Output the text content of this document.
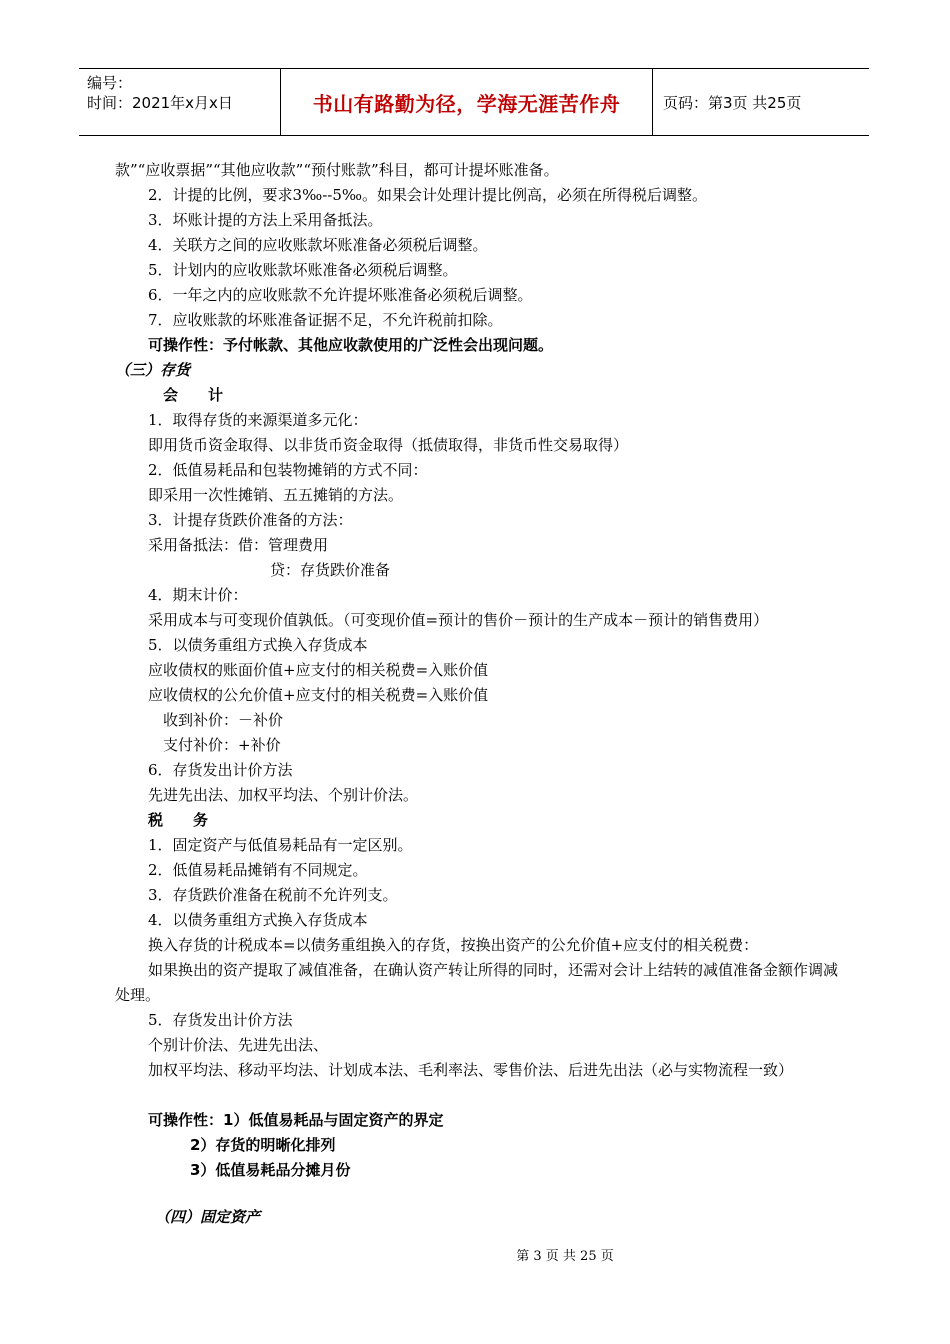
编号：
时间：2021年x月x日	书山有路勤为径，学海无涯苦作舟	页码：第3页 共25页
款”“应收票据”“其他应收款”“预付账款”科目，都可计提坏账准备。
2．计提的比例，要求3‰--5‰。如果会计处理计提比例高，必须在所得税后调整。
3．坏账计提的方法上采用备抵法。
4．关联方之间的应收账款坏账准备必须税后调整。
5．计划内的应收账款坏账准备必须税后调整。
6．一年之内的应收账款不允许提坏账准备必须税后调整。
7．应收账款的坏账准备证据不足，不允许税前扣除。
可操作性：予付帐款、其他应收款使用的广泛性会出现问题。
（三）存货
会　　计
1．取得存货的来源渠道多元化：
即用货币资金取得、以非货币资金取得（抵债取得，非货币性交易取得）
2．低值易耗品和包装物摊销的方式不同：
即采用一次性摊销、五五摊销的方法。
3．计提存货跌价准备的方法：
采用备抵法：借：管理费用
贷：存货跌价准备
4．期末计价：
采用成本与可变现价值孰低。（可变现价值=预计的售价－预计的生产成本－预计的销售费用）
5．以债务重组方式换入存货成本
应收债权的账面价值+应支付的相关税费=入账价值
应收债权的公允价值+应支付的相关税费=入账价值
收到补价：－补价
支付补价：+补价
6．存货发出计价方法
先进先出法、加权平均法、个别计价法。
税　　务
1．固定资产与低值易耗品有一定区别。
2．低值易耗品摊销有不同规定。
3．存货跌价准备在税前不允许列支。
4．以债务重组方式换入存货成本
换入存货的计税成本=以债务重组换入的存货，按换出资产的公允价值+应支付的相关税费：
如果换出的资产提取了减值准备，在确认资产转让所得的同时，还需对会计上结转的减值准备金额作调减处理。
5．存货发出计价方法
个别计价法、先进先出法、
加权平均法、移动平均法、计划成本法、毛利率法、零售价法、后进先出法（必与实物流程一致）
可操作性：1）低值易耗品与固定资产的界定
2）存货的明晰化排列
3）低值易耗品分摊月份
（四）固定资产
第 3 页 共 25 页
